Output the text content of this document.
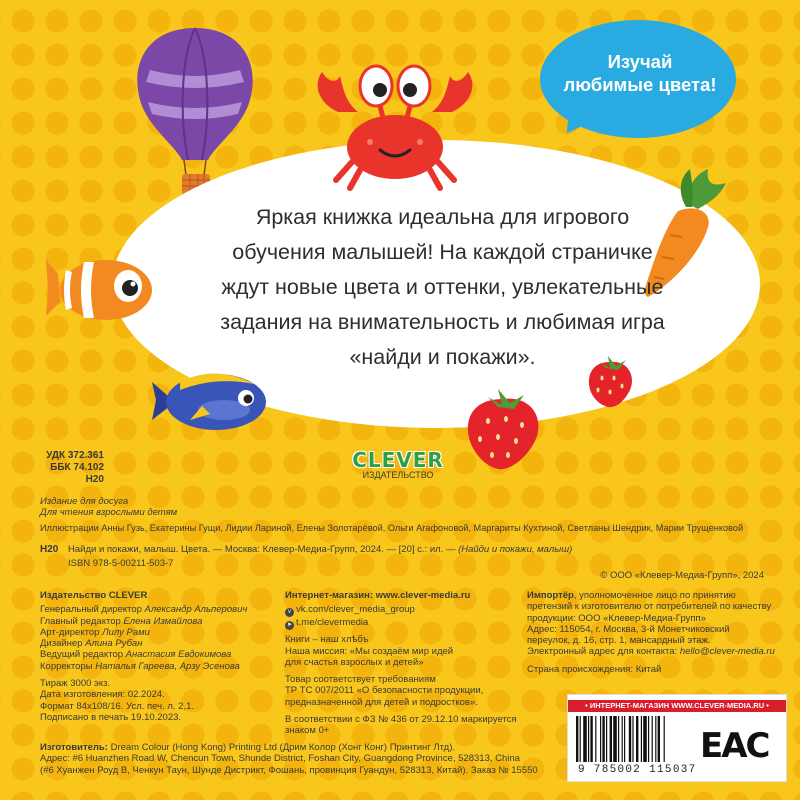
Изучай
любимые цвета!
Яркая книжка идеальна для игрового
обучения малышей! На каждой страничке
ждут новые цвета и оттенки, увлекательные
задания на внимательность и любимая игра
«найди и покажи».
CLEVER
ИЗДАТЕЛЬСТВО
УДК 372.361
ББК 74.102
Н20
Издание для досуга
Для чтения взрослыми детям
Иллюстрации Анны Гузь, Екатерины Гущи, Лидии Лариной, Елены Золотарёвой, Ольги Агафоновой, Маргариты Кухтиной, Светланы Шендрик, Марии Трущенковой
Н20 Найди и покажи, малыш. Цвета. — Москва: Клевер-Медиа-Групп, 2024. — [20] с.: ил. — (Найди и покажи, малыш)
ISBN 978-5-00211-503-7
© ООО «Клевер-Медиа-Групп», 2024
Издательство CLEVER
Генеральный директор Александр Альперович
Главный редактор Елена Измайлова
Арт-директор Лилу Рами
Дизайнер Алина Рубан
Ведущий редактор Анастасия Евдокимова
Корректоры Наталья Гареева, Арзу Эсенова
Тираж 3000 экз.
Дата изготовления: 02.2024.
Формат 84х108/16. Усл. печ. л. 2,1.
Подписано в печать 19.10.2023.
Интернет-магазин: www.clever-media.ru
v vk.com/clever_media_group
➤ t.me/clevermedia
Книги – наш хлѣбъ
Наша миссия: «Мы создаём мир идей
для счастья взрослых и детей»
Товар соответствует требованиям
ТР ТС 007/2011 «О безопасности продукции,
предназначенной для детей и подростков».
В соответствии с ФЗ № 436 от 29.12.10 маркируется
знаком 0+
Импортёр, уполномоченное лицо по принятию
претензий к изготовителю от потребителей по качеству
продукции: ООО «Клевер-Медиа-Групп»
Адрес: 115054, г. Москва, 3-й Монетчиковский
переулок, д. 16, стр. 1, мансардный этаж.
Электронный адрес для контакта: hello@clever-media.ru
Страна происхождения: Китай
Изготовитель: Dream Colour (Hong Kong) Printing Ltd (Дрим Колор (Хонг Конг) Принтинг Лтд).
Адрес: #6 Huanzhen Road W, Chencun Town, Shunde District, Foshan City, Guangdong Province, 528313, China
(#6 Хуанжен Роуд В, Ченкун Таун, Шунде Дистрикт, Фошань, провинция Гуандун, 528313, Китай). Заказ № 15550
• ИНТЕРНЕТ-МАГАЗИН WWW.CLEVER-MEDIA.RU •
9 785002 115037
EAC
